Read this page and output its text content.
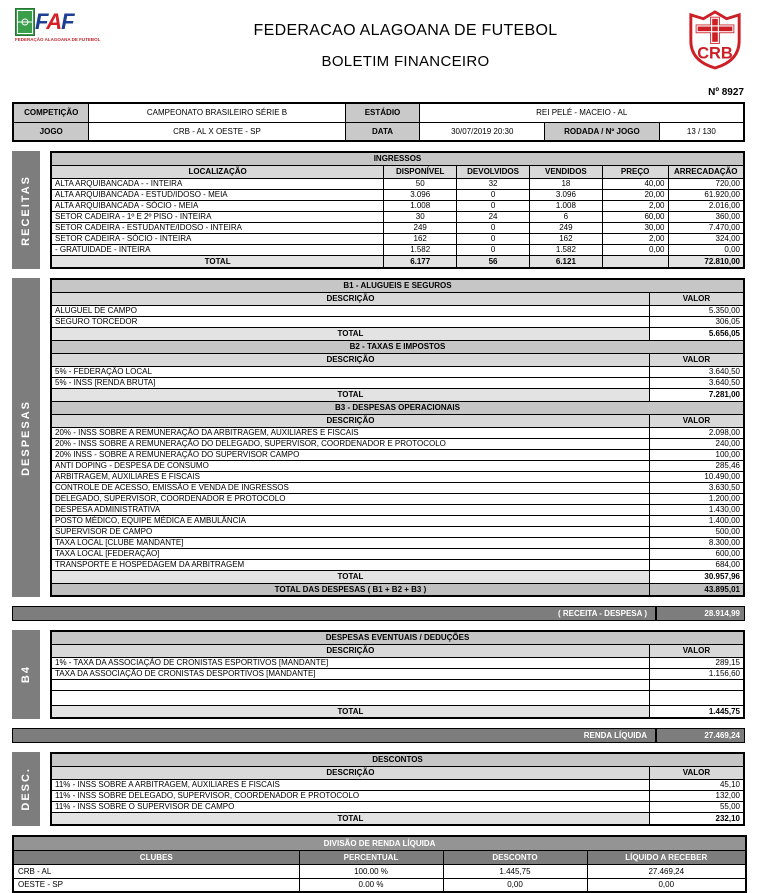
FAF
FEDERAÇÃO ALAGOANA DE FUTEBOL
FEDERACAO ALAGOANA DE FUTEBOL
BOLETIM FINANCEIRO	CRB
Nº 8927
COMPETIÇÃO	CAMPEONATO BRASILEIRO SÉRIE B	ESTÁDIO	REI PELÉ - MACEIO - AL		
JOGO	CRB - AL X OESTE - SP	DATA	30/07/2019 20:30	RODADA / Nº JOGO	13 / 130
RECEITAS
INGRESSOS					
LOCALIZAÇÃO	DISPONÍVEL	DEVOLVIDOS	VENDIDOS	PREÇO	ARRECADAÇÃO
ALTA ARQUIBANCADA - - INTEIRA	50	32	18	40,00	720,00
ALTA ARQUIBANCADA - ESTUD/IDOSO - MEIA	3.096	0	3.096	20,00	61.920,00
ALTA ARQUIBANCADA - SÓCIO - MEIA	1.008	0	1.008	2,00	2.016,00
SETOR CADEIRA - 1º E 2º PISO - INTEIRA	30	24	6	60,00	360,00
SETOR CADEIRA - ESTUDANTE/IDOSO - INTEIRA	249	0	249	30,00	7.470,00
SETOR CADEIRA - SÓCIO - INTEIRA	162	0	162	2,00	324,00
- GRATUIDADE - INTEIRA	1.582	0	1.582	0,00	0,00
TOTAL	6.177	56	6.121		72.810,00
DESPESAS
B1 - ALUGUEIS E SEGUROS	
DESCRIÇÃO	VALOR
ALUGUEL DE CAMPO	5.350,00
SEGURO TORCEDOR	306,05
TOTAL	5.656,05
B2 - TAXAS E IMPOSTOS	
DESCRIÇÃO	VALOR
5% - FEDERAÇÃO LOCAL	3.640,50
5% - INSS [RENDA BRUTA]	3.640,50
TOTAL	7.281,00
B3 - DESPESAS OPERACIONAIS	
DESCRIÇÃO	VALOR
20% - INSS SOBRE A REMUNERAÇÃO DA ARBITRAGEM, AUXILIARES E FISCAIS	2.098,00
20% - INSS SOBRE A REMUNERAÇÃO DO DELEGADO, SUPERVISOR, COORDENADOR E PROTOCOLO	240,00
20% INSS - SOBRE A REMUNERAÇÃO DO SUPERVISOR CAMPO	100,00
ANTI DOPING - DESPESA DE CONSUMO	285,46
ARBITRAGEM, AUXILIARES E FISCAIS	10.490,00
CONTROLE DE ACESSO, EMISSÃO E VENDA DE INGRESSOS	3.630,50
DELEGADO, SUPERVISOR, COORDENADOR E PROTOCOLO	1.200,00
DESPESA ADMINISTRATIVA	1.430,00
POSTO MÉDICO, EQUIPE MÉDICA E AMBULÂNCIA	1.400,00
SUPERVISOR DE CAMPO	500,00
TAXA LOCAL [CLUBE MANDANTE]	8.300,00
TAXA LOCAL [FEDERAÇÃO]	600,00
TRANSPORTE E HOSPEDAGEM DA ARBITRAGEM	684,00
TOTAL	30.957,96
TOTAL DAS DESPESAS ( B1 + B2 + B3 )	43.895,01
( RECEITA - DESPESA )	28.914,99
B4
DESPESAS EVENTUAIS / DEDUÇÕES	
DESCRIÇÃO	VALOR
1% - TAXA DA ASSOCIAÇÃO DE CRONISTAS ESPORTIVOS [MANDANTE]	289,15
TAXA DA ASSOCIAÇÃO DE CRONISTAS DESPORTIVOS [MANDANTE]	1.156,60

TOTAL	1.445,75
RENDA LÍQUIDA	27.469,24
DESC.
DESCONTOS	
DESCRIÇÃO	VALOR
11% - INSS SOBRE A ARBITRAGEM, AUXILIARES E FISCAIS	45,10
11% - INSS SOBRE DELEGADO, SUPERVISOR, COORDENADOR E PROTOCOLO	132,00
11% - INSS SOBRE O SUPERVISOR DE CAMPO	55,00
TOTAL	232,10
DIVISÃO DE RENDA LÍQUIDA			
CLUBES	PERCENTUAL	DESCONTO	LÍQUIDO A RECEBER
CRB - AL	100.00 %	1.445,75	27.469,24
OESTE - SP	0.00 %	0,00	0,00
